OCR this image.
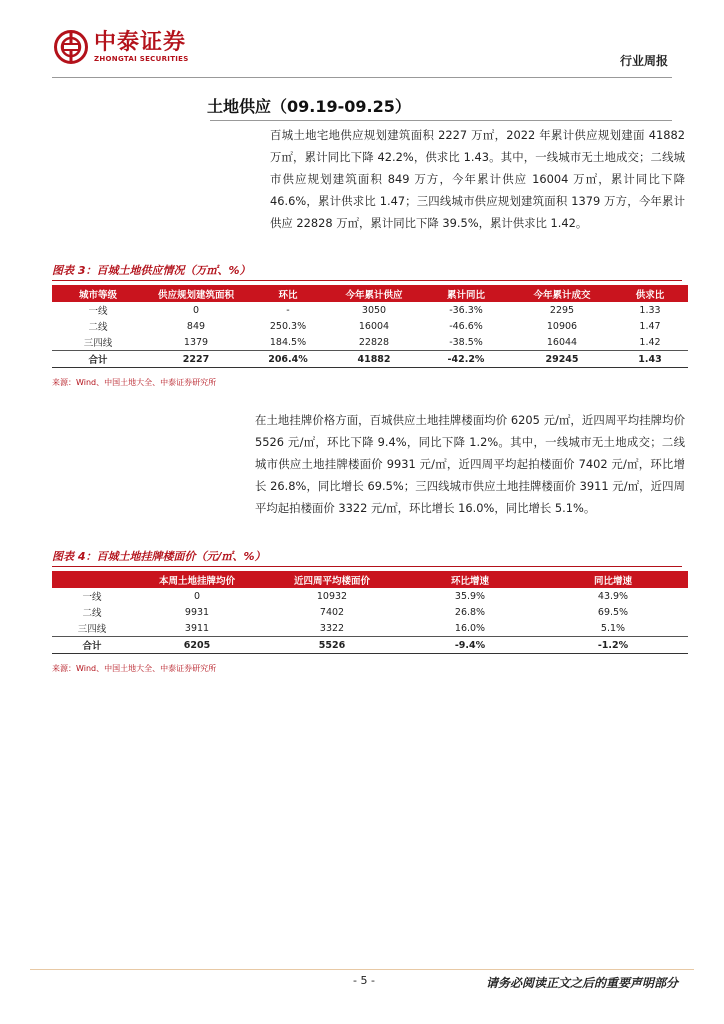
中泰证券
ZHONGTAI SECURITIES	行业周报
土地供应（09.19-09.25）
百城土地宅地供应规划建筑面积 2227 万㎡，2022 年累计供应规划建面 41882 万㎡，累计同比下降 42.2%，供求比 1.43。其中，一线城市无土地成交；二线城市供应规划建筑面积 849 万方，今年累计供应 16004 万㎡，累计同比下降 46.6%，累计供求比 1.47；三四线城市供应规划建筑面积 1379 万方，今年累计供应 22828 万㎡，累计同比下降 39.5%，累计供求比 1.42。
图表 3：百城土地供应情况（万㎡、%）
城市等级	供应规划建筑面积	环比	今年累计供应	累计同比	今年累计成交	供求比
一线	0	-	3050	-36.3%	2295	1.33
二线	849	250.3%	16004	-46.6%	10906	1.47
三四线	1379	184.5%	22828	-38.5%	16044	1.42
合计	2227	206.4%	41882	-42.2%	29245	1.43
来源：Wind、中国土地大全、中泰证券研究所
在土地挂牌价格方面，百城供应土地挂牌楼面均价 6205 元/㎡，近四周平均挂牌均价 5526 元/㎡，环比下降 9.4%，同比下降 1.2%。其中，一线城市无土地成交；二线城市供应土地挂牌楼面价 9931 元/㎡，近四周平均起拍楼面价 7402 元/㎡，环比增长 26.8%，同比增长 69.5%；三四线城市供应土地挂牌楼面价 3911 元/㎡，近四周平均起拍楼面价 3322 元/㎡，环比增长 16.0%，同比增长 5.1%。
图表 4：百城土地挂牌楼面价（元/㎡、%）
	本周土地挂牌均价	近四周平均楼面价	环比增速	同比增速
一线	0	10932	35.9%	43.9%
二线	9931	7402	26.8%	69.5%
三四线	3911	3322	16.0%	5.1%
合计	6205	5526	-9.4%	-1.2%
来源：Wind、中国土地大全、中泰证券研究所
- 5 -	请务必阅读正文之后的重要声明部分
